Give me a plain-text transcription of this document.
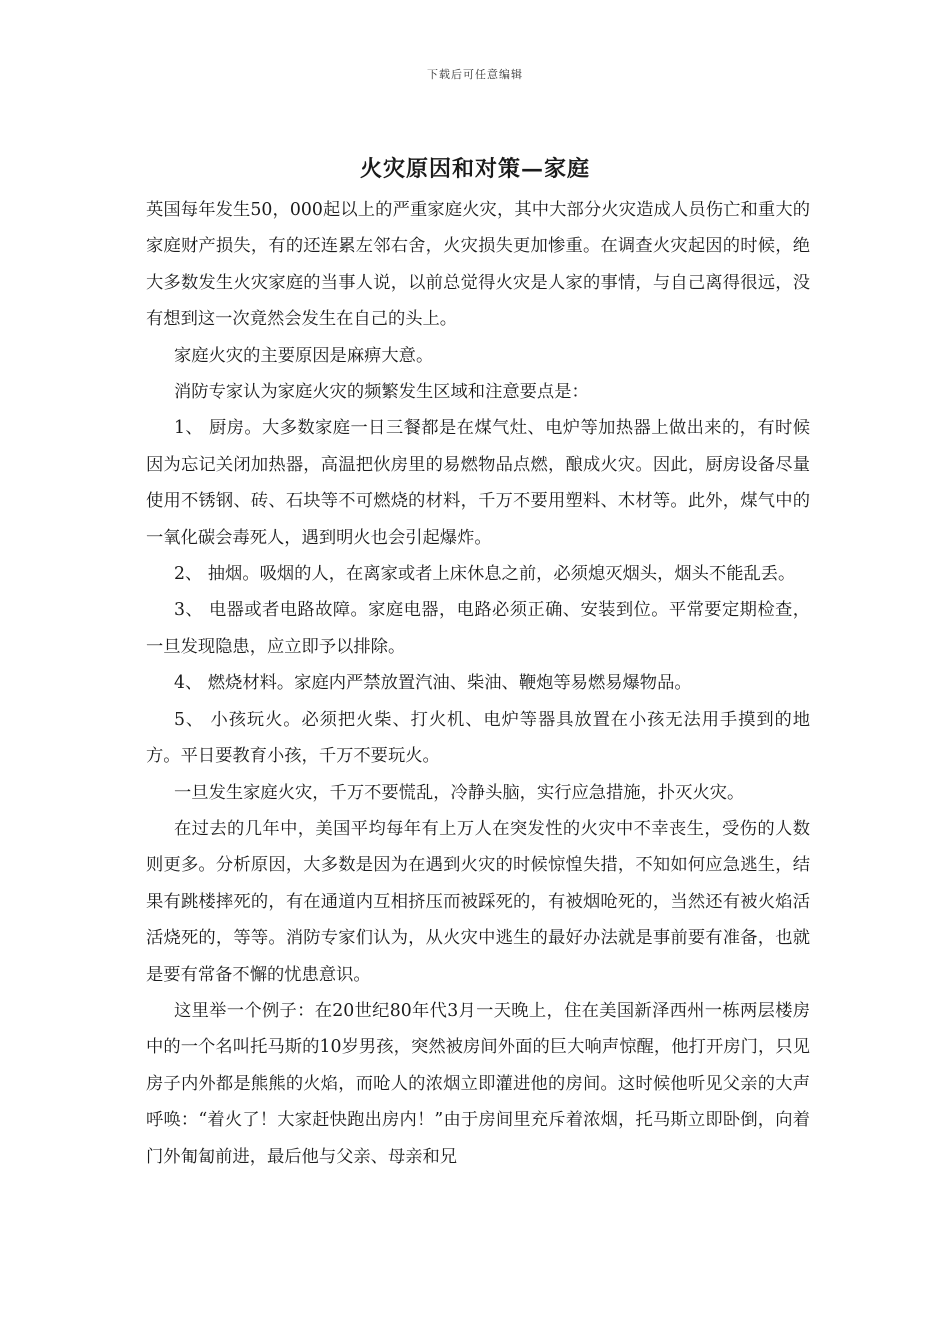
下载后可任意编辑
火灾原因和对策—家庭

英国每年发生50，000起以上的严重家庭火灾，其中大部分火灾造成人员伤亡和重大的家庭财产损失，有的还连累左邻右舍，火灾损失更加惨重。在调查火灾起因的时候，绝大多数发生火灾家庭的当事人说，以前总觉得火灾是人家的事情，与自己离得很远，没有想到这一次竟然会发生在自己的头上。

家庭火灾的主要原因是麻痹大意。

消防专家认为家庭火灾的频繁发生区域和注意要点是：

1、 厨房。大多数家庭一日三餐都是在煤气灶、电炉等加热器上做出来的，有时候因为忘记关闭加热器，高温把伙房里的易燃物品点燃，酿成火灾。因此，厨房设备尽量使用不锈钢、砖、石块等不可燃烧的材料，千万不要用塑料、木材等。此外，煤气中的一氧化碳会毒死人，遇到明火也会引起爆炸。

2、 抽烟。吸烟的人，在离家或者上床休息之前，必须熄灭烟头，烟头不能乱丢。

3、 电器或者电路故障。家庭电器，电路必须正确、安装到位。平常要定期检查，一旦发现隐患，应立即予以排除。

4、 燃烧材料。家庭内严禁放置汽油、柴油、鞭炮等易燃易爆物品。

5、 小孩玩火。必须把火柴、打火机、电炉等器具放置在小孩无法用手摸到的地方。平日要教育小孩，千万不要玩火。

一旦发生家庭火灾，千万不要慌乱，冷静头脑，实行应急措施，扑灭火灾。

在过去的几年中，美国平均每年有上万人在突发性的火灾中不幸丧生，受伤的人数则更多。分析原因，大多数是因为在遇到火灾的时候惊惶失措，不知如何应急逃生，结果有跳楼摔死的，有在通道内互相挤压而被踩死的，有被烟呛死的，当然还有被火焰活活烧死的，等等。消防专家们认为，从火灾中逃生的最好办法就是事前要有准备，也就是要有常备不懈的忧患意识。

这里举一个例子：在20世纪80年代3月一天晚上，住在美国新泽西州一栋两层楼房中的一个名叫托马斯的10岁男孩，突然被房间外面的巨大响声惊醒，他打开房门，只见房子内外都是熊熊的火焰，而呛人的浓烟立即灌进他的房间。这时候他听见父亲的大声呼唤：“着火了！大家赶快跑出房内！”由于房间里充斥着浓烟，托马斯立即卧倒，向着门外匍匐前进，最后他与父亲、母亲和兄
